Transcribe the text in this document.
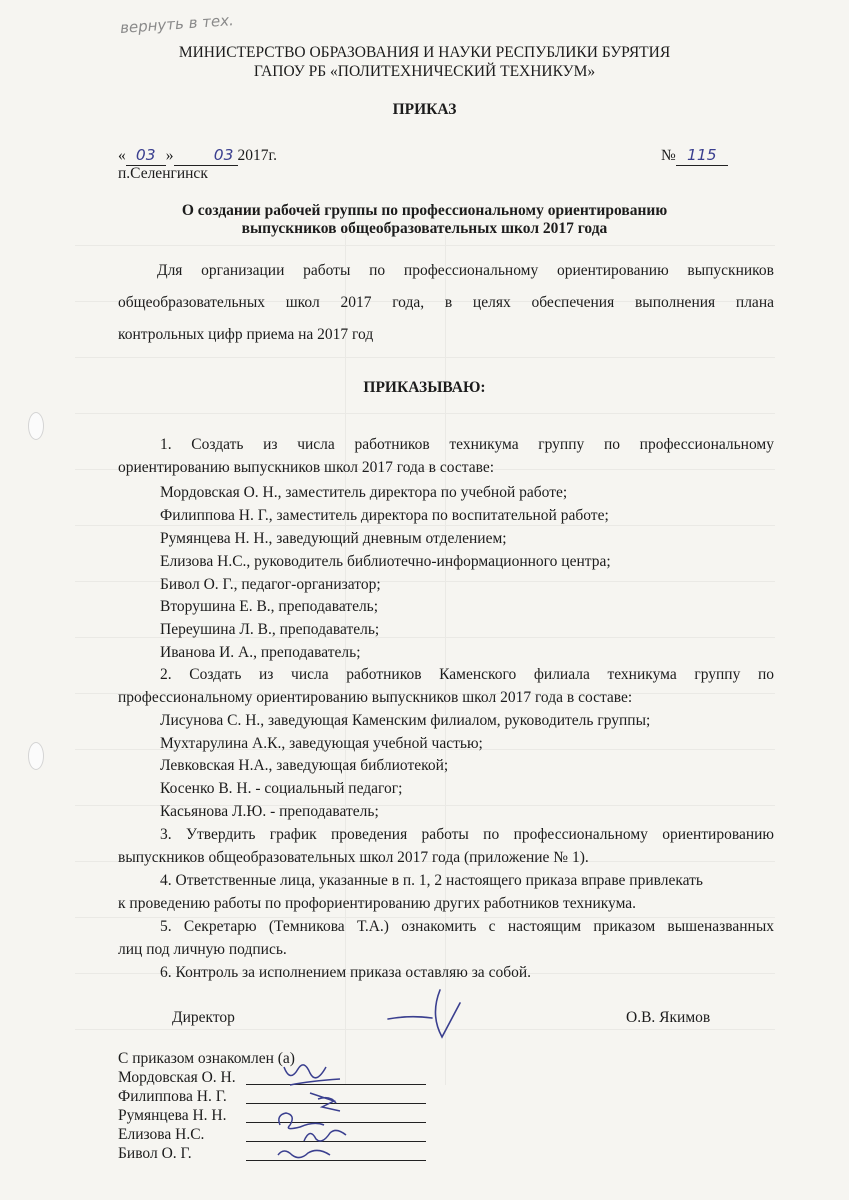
вернуть в тех.
МИНИСТЕРСТВО ОБРАЗОВАНИЯ И НАУКИ РЕСПУБЛИКИ БУРЯТИЯ
ГАПОУ РБ «ПОЛИТЕХНИЧЕСКИЙ ТЕХНИКУМ»
ПРИКАЗ
« 03 »	03 2017г.	№ 115
п.Селенгинск
О создании рабочей группы по профессиональному ориентированию
выпускников общеобразовательных школ 2017 года
Для организации работы по профессиональному ориентированию выпускников
общеобразовательных школ 2017 года, в целях обеспечения выполнения плана
контрольных цифр приема на 2017 год
ПРИКАЗЫВАЮ:
1. Создать из числа работников техникума группу по профессиональному
ориентированию выпускников школ 2017 года в составе:
Мордовская О. Н., заместитель директора по учебной работе;
Филиппова Н. Г., заместитель директора по воспитательной работе;
Румянцева Н. Н., заведующий дневным отделением;
Елизова Н.С., руководитель библиотечно-информационного центра;
Бивол О. Г., педагог-организатор;
Вторушина Е. В., преподаватель;
Переушина Л. В., преподаватель;
Иванова И. А., преподаватель;
2. Создать из числа работников Каменского филиала техникума группу по
профессиональному ориентированию выпускников школ 2017 года в составе:
Лисунова С. Н., заведующая Каменским филиалом, руководитель группы;
Мухтарулина А.К., заведующая учебной частью;
Левковская Н.А., заведующая библиотекой;
Косенко В. Н. - социальный педагог;
Касьянова Л.Ю. - преподаватель;
3. Утвердить график проведения работы по профессиональному ориентированию
выпускников общеобразовательных школ 2017 года (приложение № 1).
4. Ответственные лица, указанные в п. 1, 2 настоящего приказа вправе привлекать
к проведению работы по профориентированию других работников техникума.
5. Секретарю (Темникова Т.А.) ознакомить с настоящим приказом вышеназванных
лиц под личную подпись.
6. Контроль за исполнением приказа оставляю за собой.
Директор	О.В. Якимов
С приказом ознакомлен (а)
Мордовская О. Н.
Филиппова Н. Г.
Румянцева Н. Н.
Елизова Н.С.
Бивол О. Г.
